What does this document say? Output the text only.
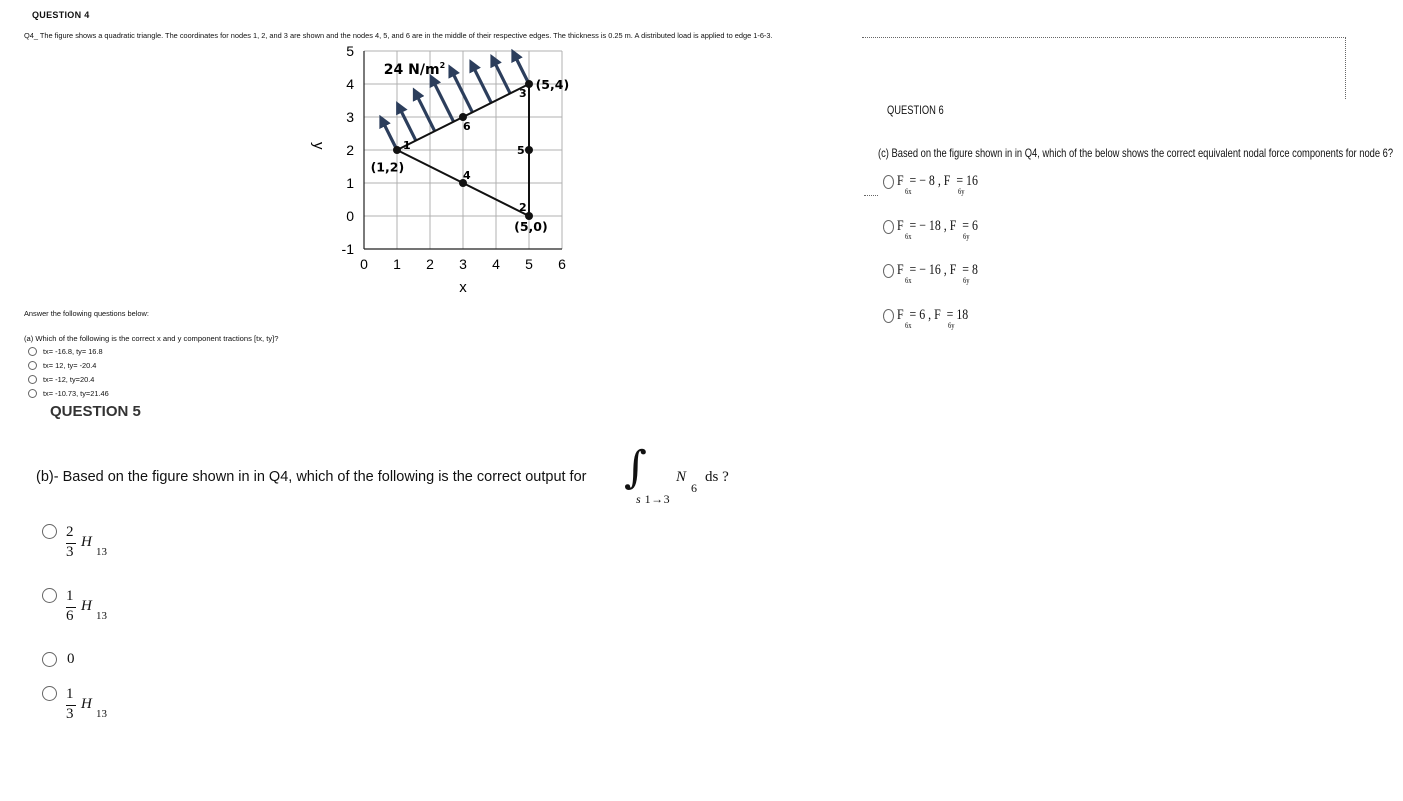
QUESTION 4
Q4_ The figure shows a quadratic triangle. The coordinates for nodes 1, 2, and 3 are shown and the nodes 4, 5, and 6 are in the middle of their respective edges. The thickness is 0.25 m. A distributed load is applied to edge 1-6-3.
5
4
3
2
1
0
-1
0 1 2 3 4 5 6
x
y
24 $N/m^2$
(1,2)
(5,4)
(5,0)
1
2
3
4
5
6
Answer the following questions below:
(a) Which of the following is the correct x and y component tractions [tx, ty]?
tx= -16.8, ty= 16.8
tx= 12, ty= -20.4
tx= -12, ty=20.4
tx= -10.73, ty=21.46
QUESTION 5
(b)- Based on the figure shown in in Q4, which of the following is the correct output for ∫ N
6
ds ?
s 1→3
2
3
H
13
1
6
H
13
0
1
3
H
13
QUESTION 6
(c) Based on the figure shown in in Q4, which of the below shows the correct equivalent nodal force components for node 6?
F  = − 8 , F  = 16
6x	6y
F  = − 18 , F  = 6
6x	6y
F  = − 16 , F  = 8
6x	6y
F  = 6 , F  = 18
6x	6y
